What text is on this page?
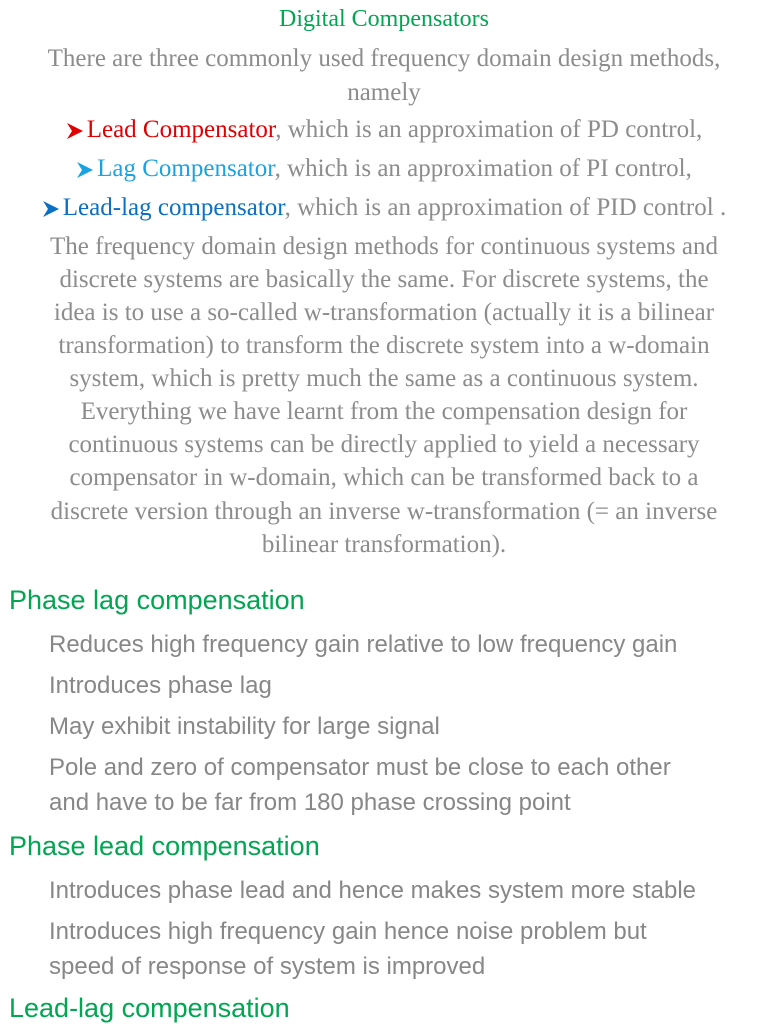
Digital Compensators
There are three commonly used frequency domain design methods,
namely
Lead Compensator, which is an approximation of PD control,
Lag Compensator, which is an approximation of PI control,
Lead-lag compensator, which is an approximation of PID control .
The frequency domain design methods for continuous systems and
discrete systems are basically the same. For discrete systems, the
idea is to use a so-called w-transformation (actually it is a bilinear
transformation) to transform the discrete system into a w-domain
system, which is pretty much the same as a continuous system.
Everything we have learnt from the compensation design for
continuous systems can be directly applied to yield a necessary
compensator in w-domain, which can be transformed back to a
discrete version through an inverse w-transformation (= an inverse
bilinear transformation).
Phase lag compensation
Reduces high frequency gain relative to low frequency gain
Introduces phase lag
May exhibit instability for large signal
Pole and zero of compensator must be close to each other
and have to be far from 180 phase crossing point
Phase lead compensation
Introduces phase lead and hence makes system more stable
Introduces high frequency gain hence noise problem but
speed of response of system is improved
Lead-lag compensation
